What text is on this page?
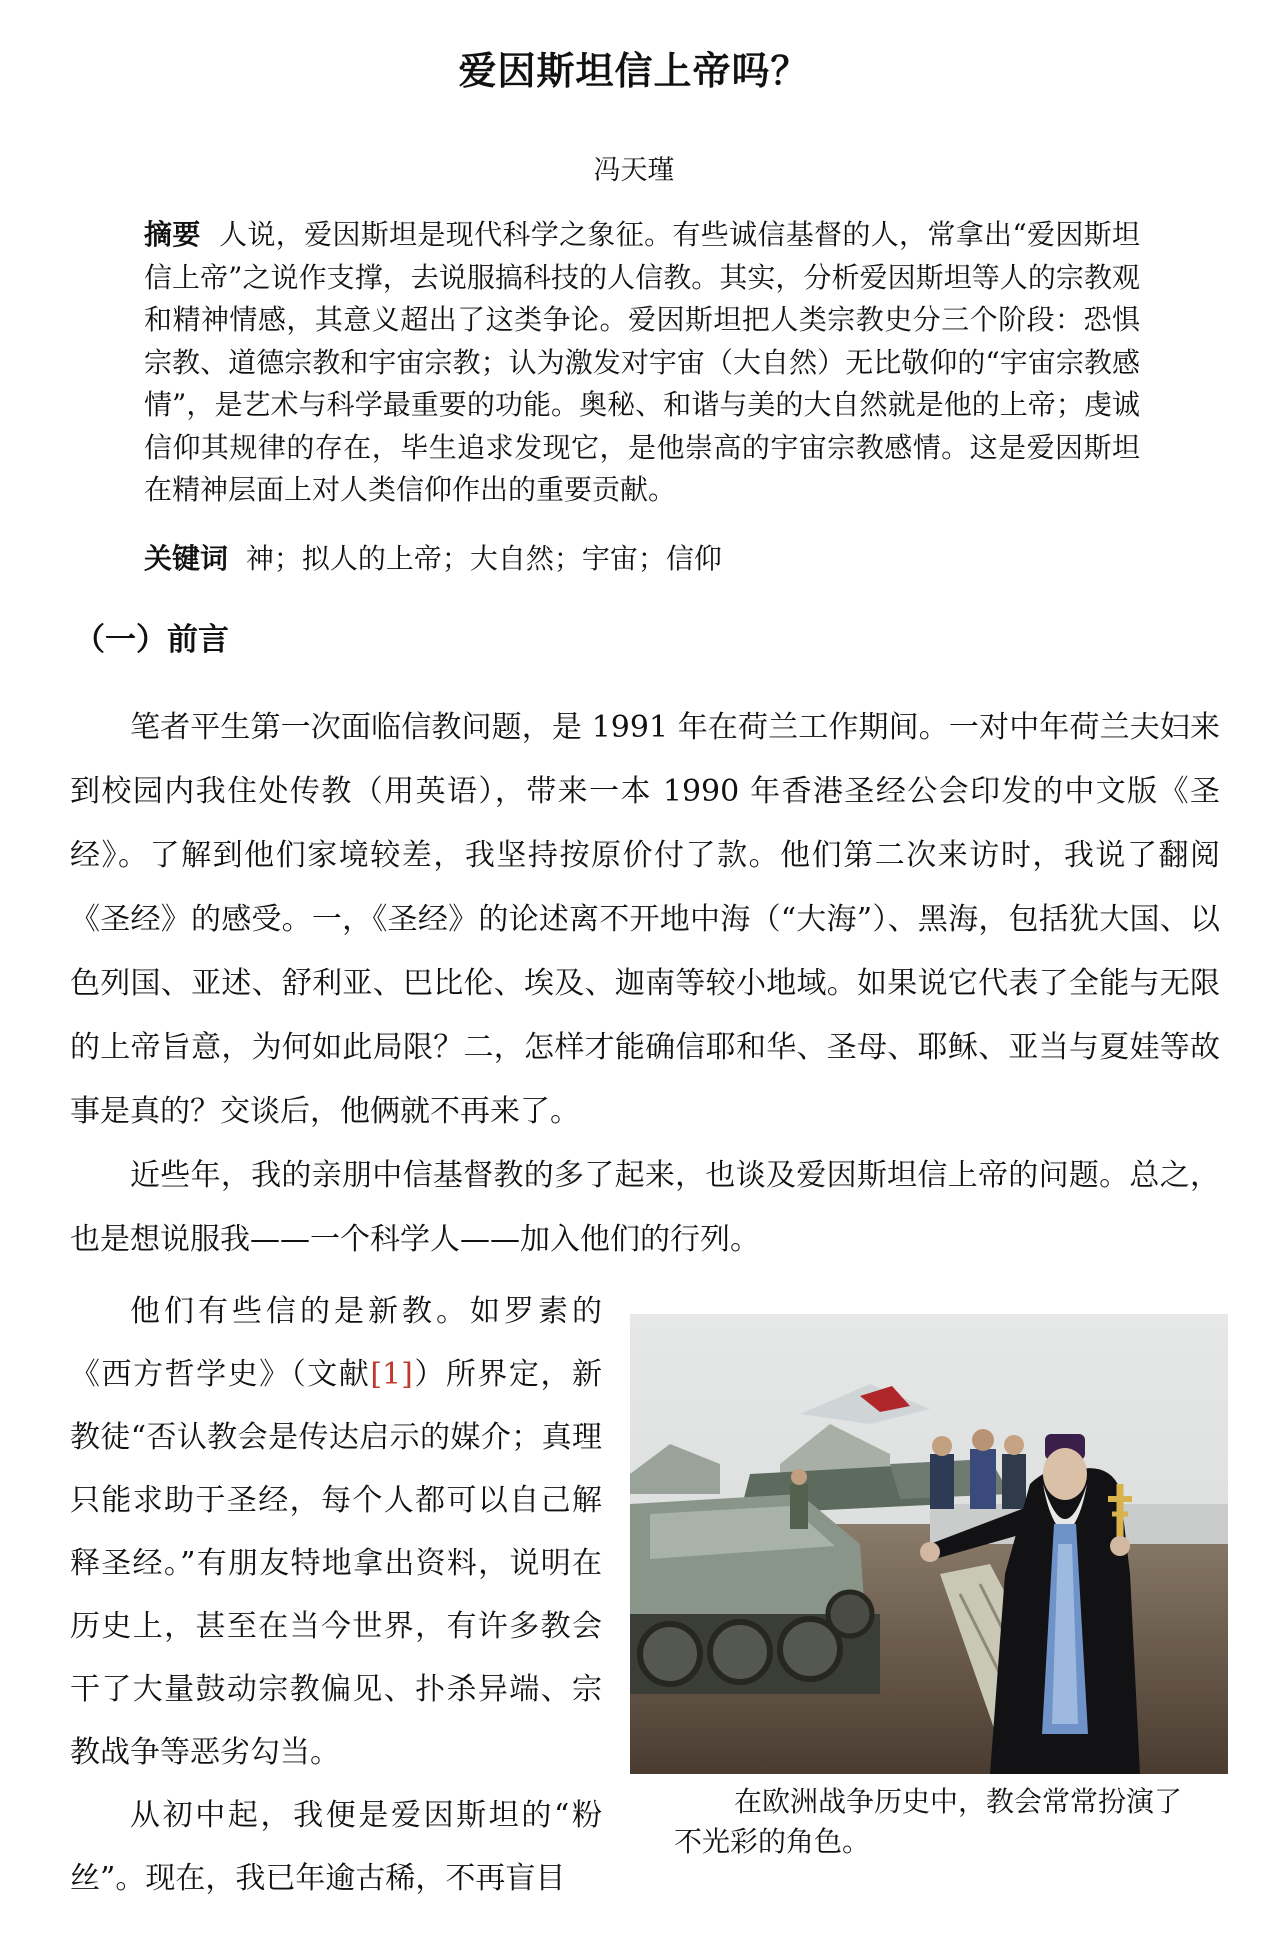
爱因斯坦信上帝吗？
冯天瑾
摘要 人说，爱因斯坦是现代科学之象征。有些诚信基督的人，常拿出“爱因斯坦信上帝”之说作支撑，去说服搞科技的人信教。其实，分析爱因斯坦等人的宗教观和精神情感，其意义超出了这类争论。爱因斯坦把人类宗教史分三个阶段：恐惧宗教、道德宗教和宇宙宗教；认为激发对宇宙（大自然）无比敬仰的“宇宙宗教感情”，是艺术与科学最重要的功能。奥秘、和谐与美的大自然就是他的上帝；虔诚信仰其规律的存在，毕生追求发现它，是他崇高的宇宙宗教感情。这是爱因斯坦在精神层面上对人类信仰作出的重要贡献。
关键词 神；拟人的上帝；大自然；宇宙；信仰
（一）前言

笔者平生第一次面临信教问题，是 1991 年在荷兰工作期间。一对中年荷兰夫妇来到校园内我住处传教（用英语），带来一本 1990 年香港圣经公会印发的中文版《圣经》。了解到他们家境较差，我坚持按原价付了款。他们第二次来访时，我说了翻阅《圣经》的感受。一，《圣经》的论述离不开地中海（“大海”）、黑海，包括犹大国、以色列国、亚述、舒利亚、巴比伦、埃及、迦南等较小地域。如果说它代表了全能与无限的上帝旨意，为何如此局限？二，怎样才能确信耶和华、圣母、耶稣、亚当与夏娃等故事是真的？交谈后，他俩就不再来了。

近些年，我的亲朋中信基督教的多了起来，也谈及爱因斯坦信上帝的问题。总之，也是想说服我——一个科学人——加入他们的行列。

他们有些信的是新教。如罗素的《西方哲学史》（文献[1]）所界定，新教徒“否认教会是传达启示的媒介；真理只能求助于圣经，每个人都可以自己解释圣经。”有朋友特地拿出资料，说明在历史上，甚至在当今世界，有许多教会干了大量鼓动宗教偏见、扑杀异端、宗教战争等恶劣勾当。

从初中起，我便是爱因斯坦的“粉丝”。现在，我已年逾古稀，不再盲目

在欧洲战争历史中，教会常常扮演了不光彩的角色。
